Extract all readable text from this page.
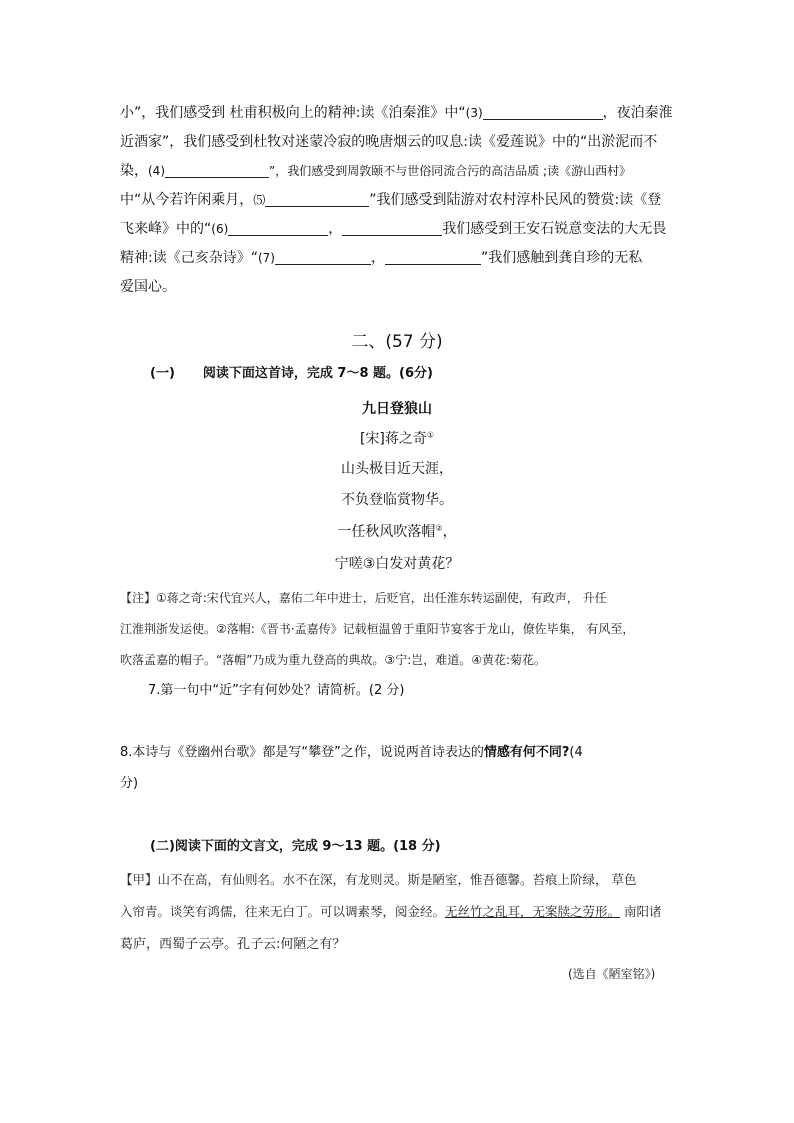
小”，我们感受到 杜甫积极向上的精神:读《泊秦淮》中“(3)	，夜泊秦淮
近酒家”，我们感受到杜牧对迷蒙冷寂的晚唐烟云的叹息:读《爱莲说》中的“出淤泥而不
染，(4)	”，我们感受到周敦颐不与世俗同流合污的高洁品质 ;读《游山西村》
中“从今若许闲乘月，⑸	”我们感受到陆游对农村淳朴民风的赞赏:读《登
飞来峰》中的“(6)	，	我们感受到王安石锐意变法的大无畏
精神:读《己亥杂诗》“(7)	，	”我们感触到龚自珍的无私
爱国心。
二、(57 分)
(一) 阅读下面这首诗，完成 7～8 题。(6分)
九日登狼山
[宋]蒋之奇①
山头极目近天涯，
不负登临赏物华。
一任秋风吹落帽②，
宁嗟③白发对黄花？
【注】①蒋之奇:宋代宜兴人，嘉佑二年中进士，后贬官，出任淮东转运副使，有政声， 升任
江淮荆浙发运使。②落帽:《晋书·孟嘉传》记载桓温曾于重阳节宴客于龙山，僚佐毕集， 有风至，
吹落孟嘉的帽子。“落帽”乃成为重九登高的典故。③宁:岂，难道。④黄花:菊花。
7.第一句中“近”字有何妙处？请简析。(2 分)
8.本诗与《登幽州台歌》都是写“攀登”之作，说说两首诗表达的情感有何不同?(4
分)
(二)阅读下面的文言文，完成 9～13 题。(18 分)
【甲】山不在高，有仙则名。水不在深，有龙则灵。斯是陋室，惟吾德馨。苔痕上阶绿， 草色
入帘青。谈笑有鸿儒，往来无白丁。可以调素琴，阅金经。无丝竹之乱耳，无案牍之劳形。 南阳诸
葛庐，西蜀子云亭。孔子云:何陋之有？
(选自《陋室铭》)
